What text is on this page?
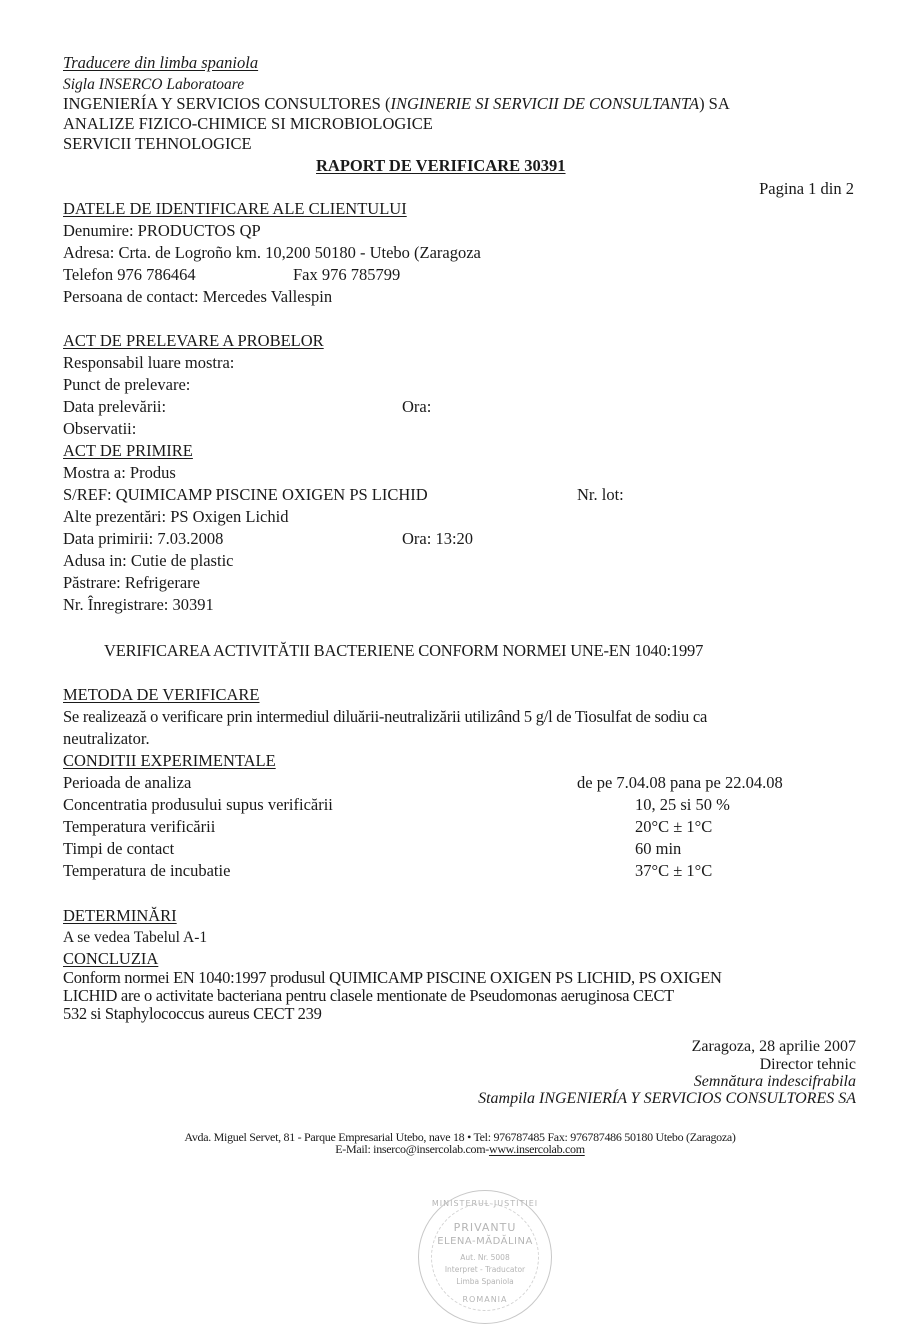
Traducere din limba spaniola
Sigla INSERCO Laboratoare
INGENIERÍA Y SERVICIOS CONSULTORES (INGINERIE SI SERVICII DE CONSULTANTA) SA
ANALIZE FIZICO-CHIMICE SI MICROBIOLOGICE
SERVICII TEHNOLOGICE
RAPORT DE VERIFICARE 30391
Pagina 1 din 2
DATELE DE IDENTIFICARE ALE CLIENTULUI
Denumire: PRODUCTOS QP
Adresa: Crta. de Logroño km. 10,200 50180 - Utebo (Zaragoza
Telefon 976 786464	Fax 976 785799
Persoana de contact: Mercedes Vallespin
ACT DE PRELEVARE A PROBELOR
Responsabil luare mostra:
Punct de prelevare:
Data prelevării:	Ora:
Observatii:
ACT DE PRIMIRE
Mostra a: Produs
S/REF: QUIMICAMP PISCINE OXIGEN PS LICHID	Nr. lot:
Alte prezentări: PS Oxigen Lichid
Data primirii: 7.03.2008	Ora: 13:20
Adusa in: Cutie de plastic
Păstrare: Refrigerare
Nr. Înregistrare: 30391
VERIFICAREA ACTIVITĂTII BACTERIENE CONFORM NORMEI UNE-EN 1040:1997
METODA DE VERIFICARE
Se realizează o verificare prin intermediul diluării-neutralizării utilizând 5 g/l de Tiosulfat de sodiu ca
neutralizator.
CONDITII EXPERIMENTALE
Perioada de analiza	de pe 7.04.08 pana pe 22.04.08
Concentratia produsului supus verificării	10, 25 si 50 %
Temperatura verificării	20°C ± 1°C
Timpi de contact	60 min
Temperatura de incubatie	37°C ± 1°C
DETERMINĂRI
A se vedea Tabelul A-1
CONCLUZIA
Conform normei EN 1040:1997 produsul QUIMICAMP PISCINE OXIGEN PS LICHID, PS OXIGEN
LICHID are o activitate bacteriana pentru clasele mentionate de Pseudomonas aeruginosa CECT
532 si Staphylococcus aureus CECT 239
Zaragoza, 28 aprilie 2007
Director tehnic
Semnătura indescifrabila
Stampila INGENIERÍA Y SERVICIOS CONSULTORES SA
Avda. Miguel Servet, 81 - Parque Empresarial Utebo, nave 18 • Tel: 976787485 Fax: 976787486 50180 Utebo (Zaragoza)
E-Mail: inserco@insercolab.com-www.insercolab.com
MINISTERUL JUSTITIEI
PRIVANTU
ELENA-MĂDĂLINA
Aut. Nr. 5008
Interpret - Traducator
Limba Spaniola
ROMANIA
